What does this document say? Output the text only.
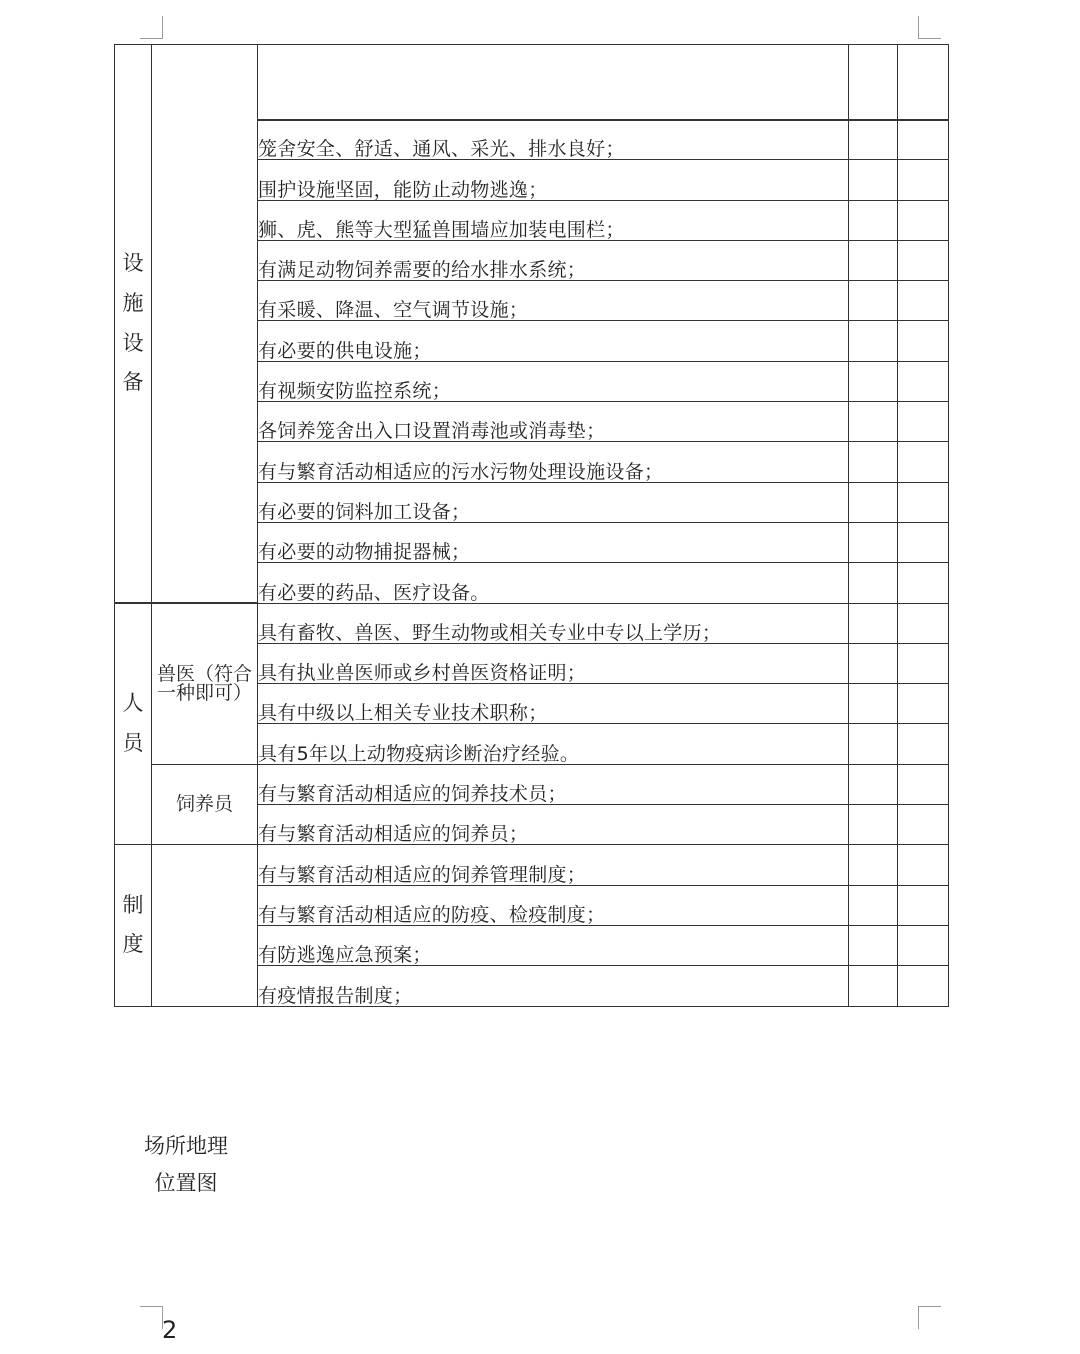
设施设备				
		笼舍安全、舒适、通风、采光、排水良好；		
		围护设施坚固，能防止动物逃逸；		
		狮、虎、熊等大型猛兽围墙应加装电围栏；		
		有满足动物饲养需要的给水排水系统；		
		有采暖、降温、空气调节设施；		
		有必要的供电设施；		
		有视频安防监控系统；		
		各饲养笼舍出入口设置消毒池或消毒垫；		
		有与繁育活动相适应的污水污物处理设施设备；		
		有必要的饲料加工设备；		
		有必要的动物捕捉器械；		
		有必要的药品、医疗设备。		
人员	兽医（符合一种即可）	具有畜牧、兽医、野生动物或相关专业中专以上学历；		
		具有执业兽医师或乡村兽医资格证明；		
		具有中级以上相关专业技术职称；		
		具有5年以上动物疫病诊断治疗经验。		
	饲养员	有与繁育活动相适应的饲养技术员；		
		有与繁育活动相适应的饲养员；		
制度		有与繁育活动相适应的饲养管理制度；		
		有与繁育活动相适应的防疫、检疫制度；		
		有防逃逸应急预案；		
		有疫情报告制度；		
场所地理位置图
2
